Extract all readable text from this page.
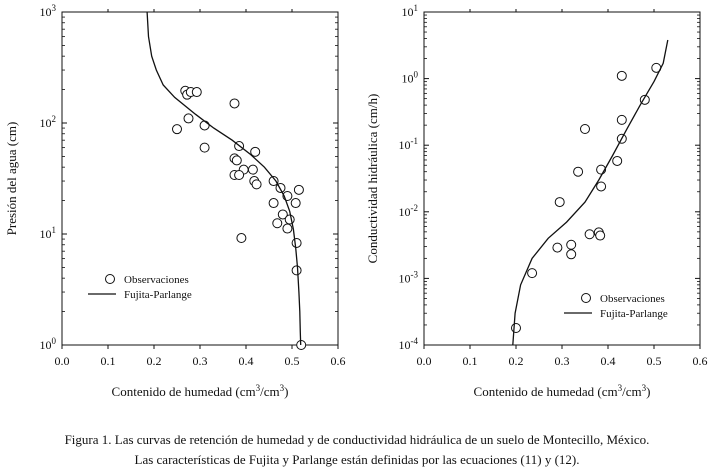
0.0	0.1	0.2	0.3	0.4	0.5	0.6
$10^0$
$10^1$
$10^2$
$10^3$
Contenido de humedad $(cm^3/cm^3)$
Presión del agua (cm)
Observaciones
Fujita-Parlange
0.0	0.1	0.2	0.3	0.4	0.5	0.6
$10^{-4}$
$10^{-3}$
$10^{-2}$
$10^{-1}$
$10^0$
$10^1$
Contenido de humedad $(cm^3/cm^3)$
Conductividad hidráulica (cm/h)
Observaciones
Fujita-Parlange
Figura 1. Las curvas de retención de humedad y de conductividad hidráulica de un suelo de Montecillo, México.
Las características de Fujita y Parlange están definidas por las ecuaciones (11) y (12).
